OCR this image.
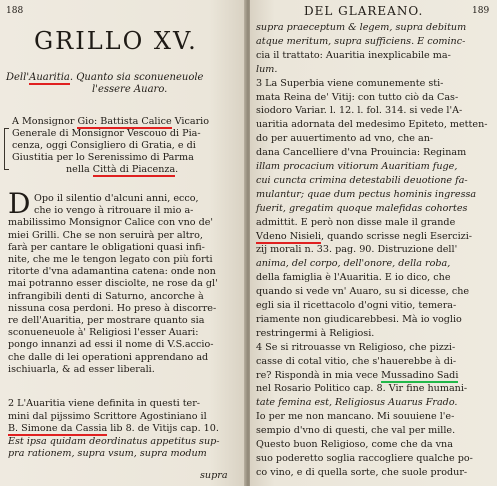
188
GRILLO XV.
Dell'Auaritia. Quanto sia sconueneuole
l'essere Auaro.
A Monsignor Gio: Battista Calice Vicario
Generale di Monsignor Vescouo di Pia-
cenza, oggi Consigliero di Gratia, e di
Giustitia per lo Serenissimo di Parma
nella Città di Piacenza.
D Opo il silentio d'alcuni anni, ecco,
che io vengo à ritrouare il mio a-
mabilissimo Monsignor Calice con vno de'
miei Grilli. Che se non seruirà per altro,
farà per cantare le obligationi quasi infi-
nite, che me le tengon legato con più forti
ritorte d'vna adamantina catena: onde non
mai potranno esser disciolte, ne rose da gl'
infrangibili denti di Saturno, ancorche à
nissuna cosa perdoni. Ho preso à discorre-
re dell'Auaritia, per mostrare quanto sia
sconueneuole à' Religiosi l'esser Auari:
pongo innanzi ad essi il nome di V.S.accio-
che dalle di lei operationi apprendano ad
ischiuarla, & ad esser liberali.
2 L'Auaritia viene definita in questi ter-
mini dal pijssimo Scrittore Agostiniano il
B. Simone da Cassia lib 8. de Vitijs cap. 10.
Est ipsa quidam deordinatus appetitus sup-
pra rationem, supra vsum, supra modum
supra
DEL GLAREANO.	189
supra praeceptum & legem, supra debitum
atque meritum, supra sufficiens. E cominc-
cia il trattato: Auaritia inexplicabile ma-
lum.
3 La Superbia viene comunemente sti-
mata Reina de' Vitij: con tutto ciò da Cas-
siodoro Variar. l. 12. l. fol. 314. si vede l'A-
uaritia adornata del medesimo Epiteto, metten-
do per auuertimento ad vno, che an-
dana Cancelliere d'vna Prouincia: Reginam
illam procacium vitiorum Auaritiam fuge,
cui cuncta crimina detestabili deuotione fa-
mulantur; quae dum pectus hominis ingressa
fuerit, gregatim quoque malefidas cohortes
admittit. E però non disse male il grande
Vdeno Nisieli, quando scrisse negli Esercizi-
zij morali n. 33. pag. 90. Distruzione dell'
anima, del corpo, dell'onore, della roba,
della famiglia è l'Auaritia. E io dico, che
quando si vede vn' Auaro, su si dicesse, che
egli sia il ricettacolo d'ogni vitio, temera-
riamente non giudicarebbesi. Mà io voglio
restringermi à Religiosi.
4 Se si ritrouasse vn Religioso, che pizzi-
casse di cotal vitio, che s'hauerebbe à di-
re? Rispondà in mia vece Mussadino Sadi
nel Rosario Politico cap. 8. Vir fine humani-
tate femina est, Religiosus Auarus Frado.
Io per me non mancano. Mi souuiene l'e-
sempio d'vno di questi, che val per mille.
Questo buon Religioso, come che da vna
suo poderetto soglia raccogliere qualche po-
co vino, e di quella sorte, che suole produr-
